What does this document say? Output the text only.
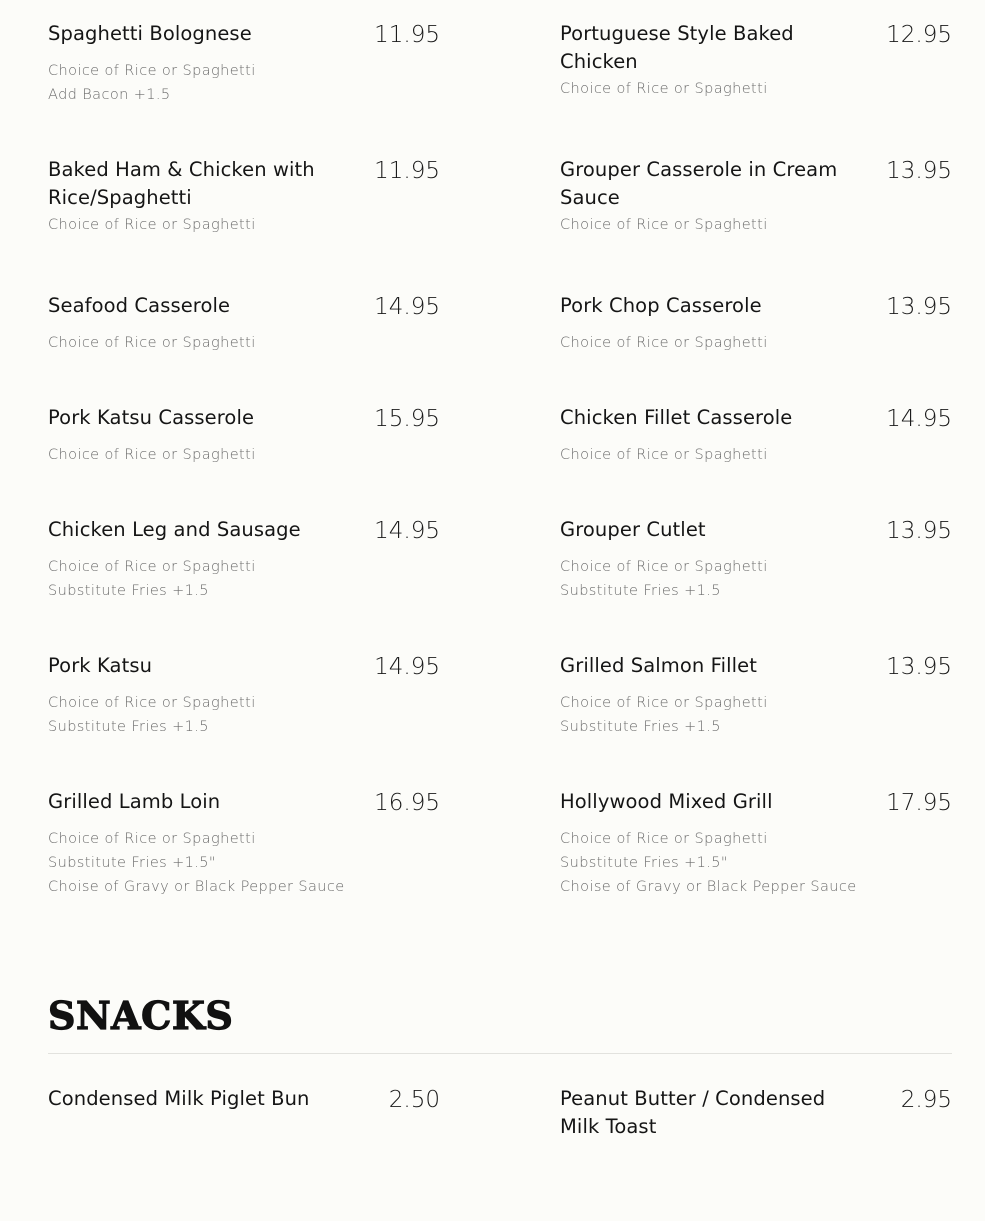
Spaghetti Bolognese	11.95
Choice of Rice or Spaghetti
Add Bacon +1.5
Portuguese Style Baked Chicken
12.95
Choice of Rice or Spaghetti
Baked Ham & Chicken with Rice/Spaghetti
11.95
Choice of Rice or Spaghetti
Grouper Casserole in Cream Sauce
13.95
Choice of Rice or Spaghetti
Seafood Casserole	14.95
Choice of Rice or Spaghetti
Pork Chop Casserole	13.95
Choice of Rice or Spaghetti
Pork Katsu Casserole	15.95
Choice of Rice or Spaghetti
Chicken Fillet Casserole	14.95
Choice of Rice or Spaghetti
Chicken Leg and Sausage	14.95
Choice of Rice or Spaghetti
Substitute Fries +1.5
Grouper Cutlet	13.95
Choice of Rice or Spaghetti
Substitute Fries +1.5
Pork Katsu	14.95
Choice of Rice or Spaghetti
Substitute Fries +1.5
Grilled Salmon Fillet	13.95
Choice of Rice or Spaghetti
Substitute Fries +1.5
Grilled Lamb Loin	16.95
Choice of Rice or Spaghetti
Substitute Fries +1.5"
Choise of Gravy or Black Pepper Sauce
Hollywood Mixed Grill	17.95
Choice of Rice or Spaghetti
Substitute Fries +1.5"
Choise of Gravy or Black Pepper Sauce
SNACKS
Condensed Milk Piglet Bun	2.50	Peanut Butter / Condensed Milk Toast
2.95
